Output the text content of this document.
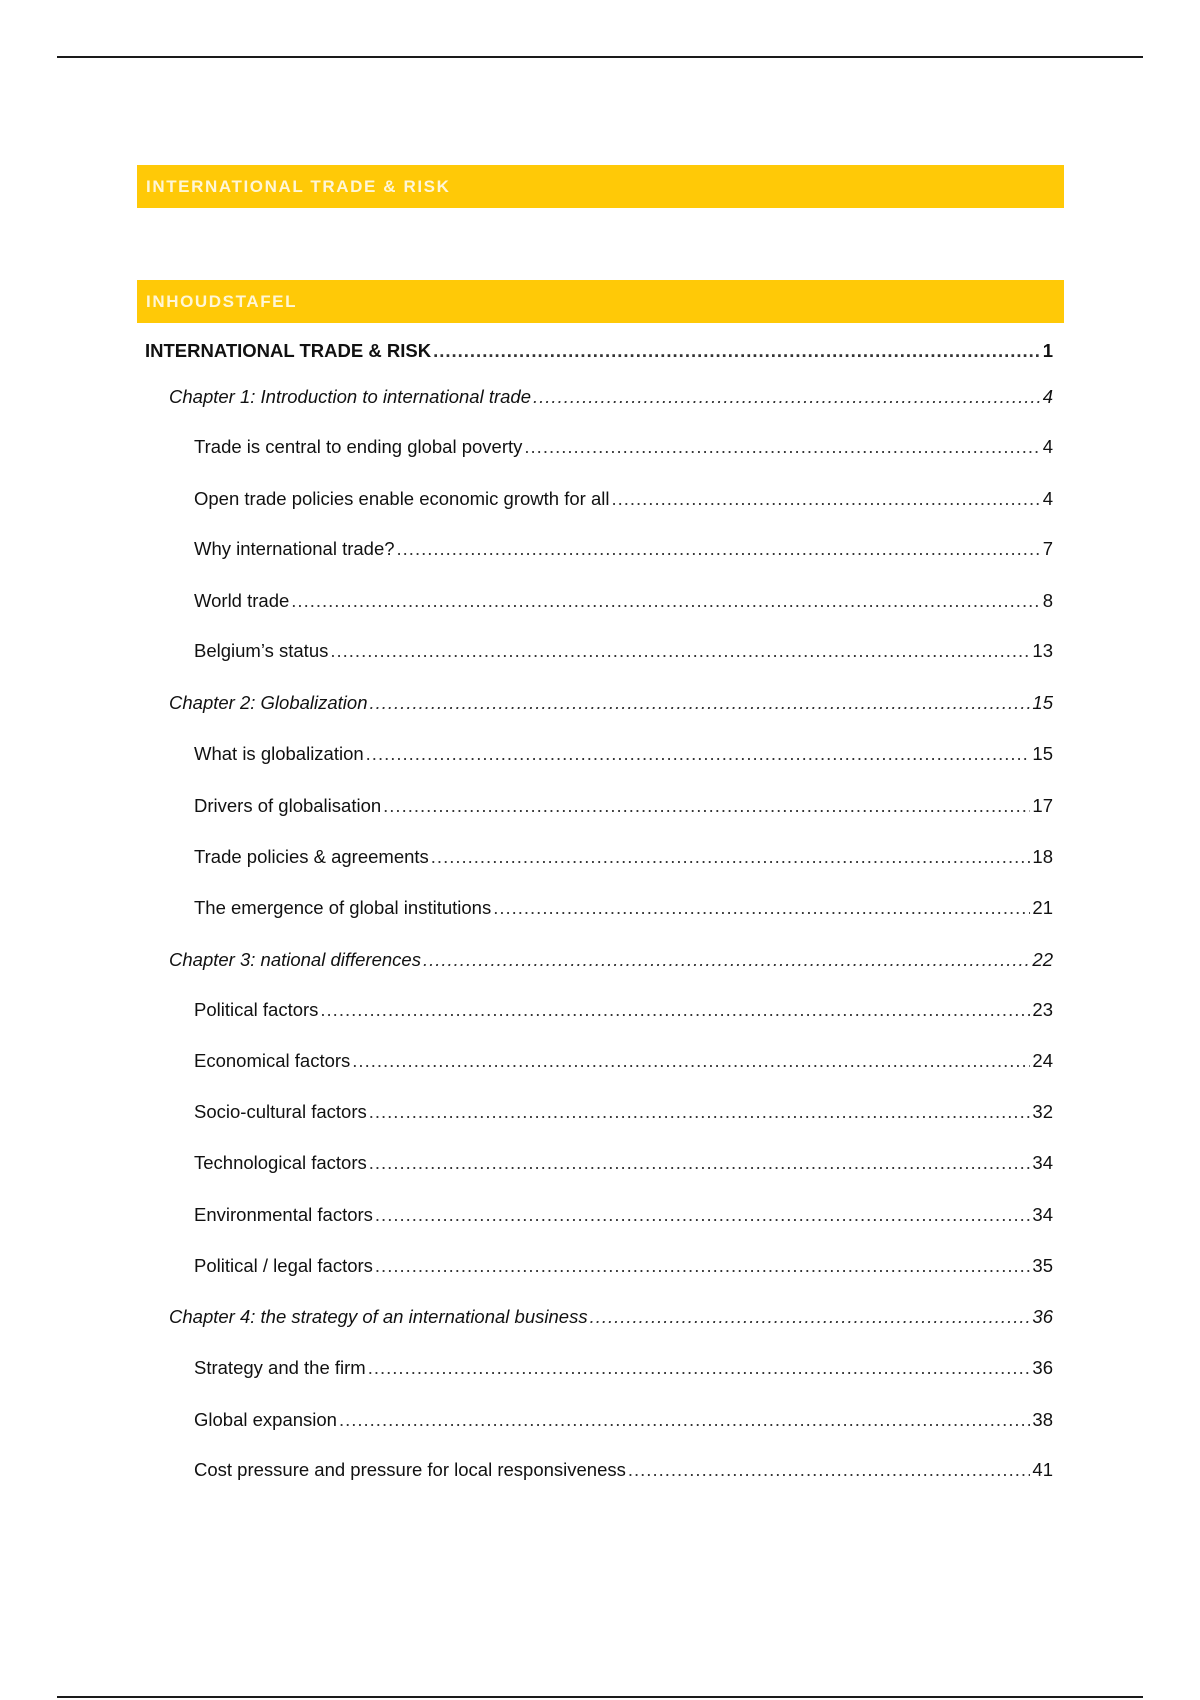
INTERNATIONAL TRADE & RISK
INHOUDSTAFEL
INTERNATIONAL TRADE & RISK .....	1
Chapter 1: Introduction to international trade .....	4
Trade is central to ending global poverty .....	4
Open trade policies enable economic growth for all .....	4
Why international trade? .....	7
World trade .....	8
Belgium’s status .....	13
Chapter 2: Globalization .....	15
What is globalization .....	15
Drivers of globalisation .....	17
Trade policies & agreements .....	18
The emergence of global institutions .....	21
Chapter 3: national differences .....	22
Political factors .....	23
Economical factors .....	24
Socio-cultural factors .....	32
Technological factors .....	34
Environmental factors .....	34
Political / legal factors .....	35
Chapter 4: the strategy of an international business .....	36
Strategy and the firm .....	36
Global expansion .....	38
Cost pressure and pressure for local responsiveness .....	41
